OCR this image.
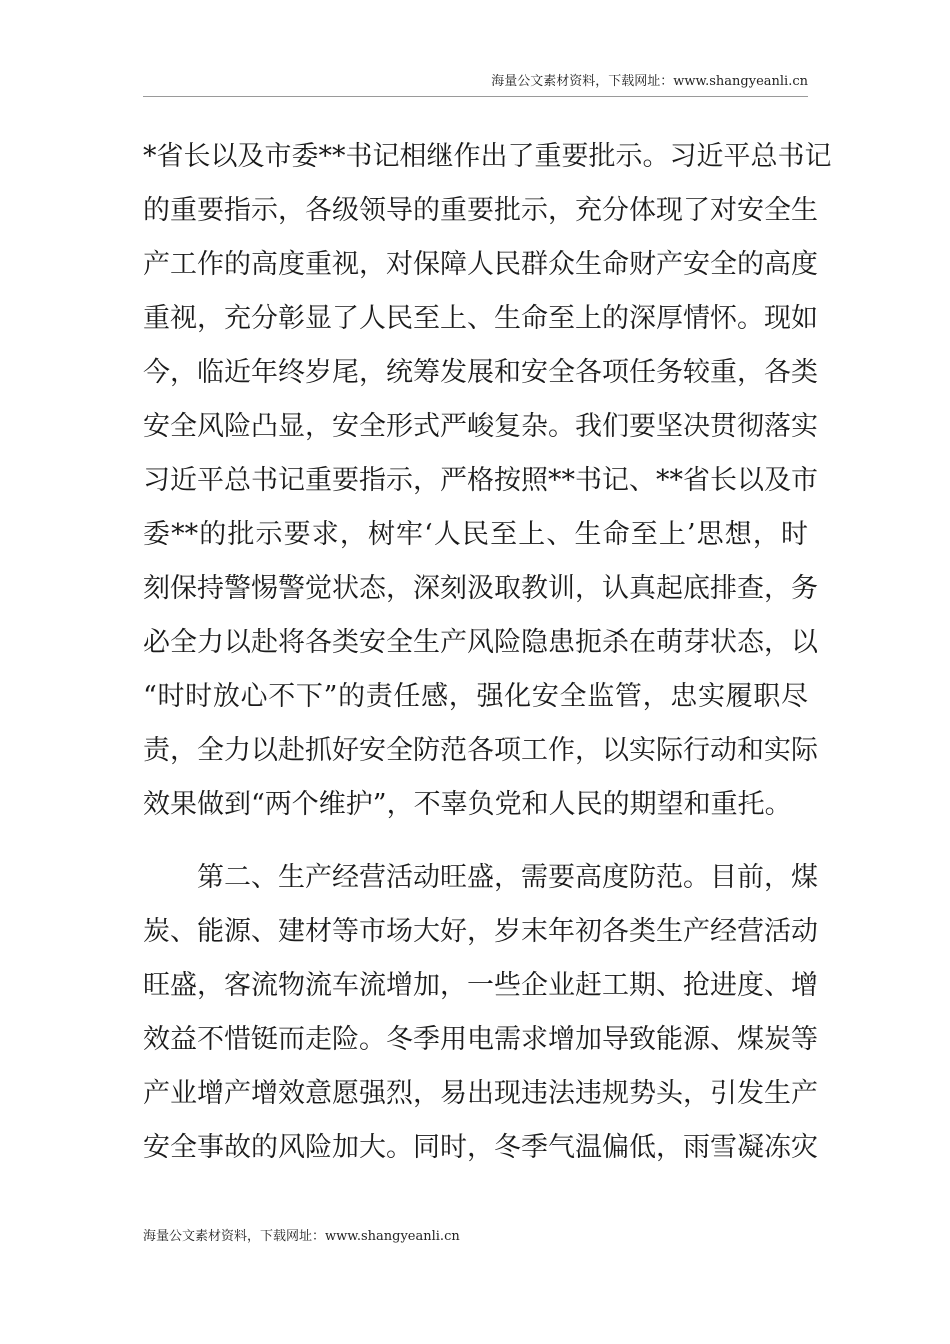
海量公文素材资料，下载网址：www.shangyeanli.cn
*省长以及市委**书记相继作出了重要批示。习近平总书记
的重要指示，各级领导的重要批示，充分体现了对安全生
产工作的高度重视，对保障人民群众生命财产安全的高度
重视，充分彰显了人民至上、生命至上的深厚情怀。现如
今，临近年终岁尾，统筹发展和安全各项任务较重，各类
安全风险凸显，安全形式严峻复杂。我们要坚决贯彻落实
习近平总书记重要指示，严格按照**书记、**省长以及市
委**的批示要求，树牢‘人民至上、生命至上’思想，时
刻保持警惕警觉状态，深刻汲取教训，认真起底排查，务
必全力以赴将各类安全生产风险隐患扼杀在萌芽状态，以
“时时放心不下”的责任感，强化安全监管，忠实履职尽
责，全力以赴抓好安全防范各项工作，以实际行动和实际
效果做到“两个维护”，不辜负党和人民的期望和重托。
第二、生产经营活动旺盛，需要高度防范。目前，煤
炭、能源、建材等市场大好，岁末年初各类生产经营活动
旺盛，客流物流车流增加，一些企业赶工期、抢进度、增
效益不惜铤而走险。冬季用电需求增加导致能源、煤炭等
产业增产增效意愿强烈，易出现违法违规势头，引发生产
安全事故的风险加大。同时，冬季气温偏低，雨雪凝冻灾
海量公文素材资料，下载网址：www.shangyeanli.cn
